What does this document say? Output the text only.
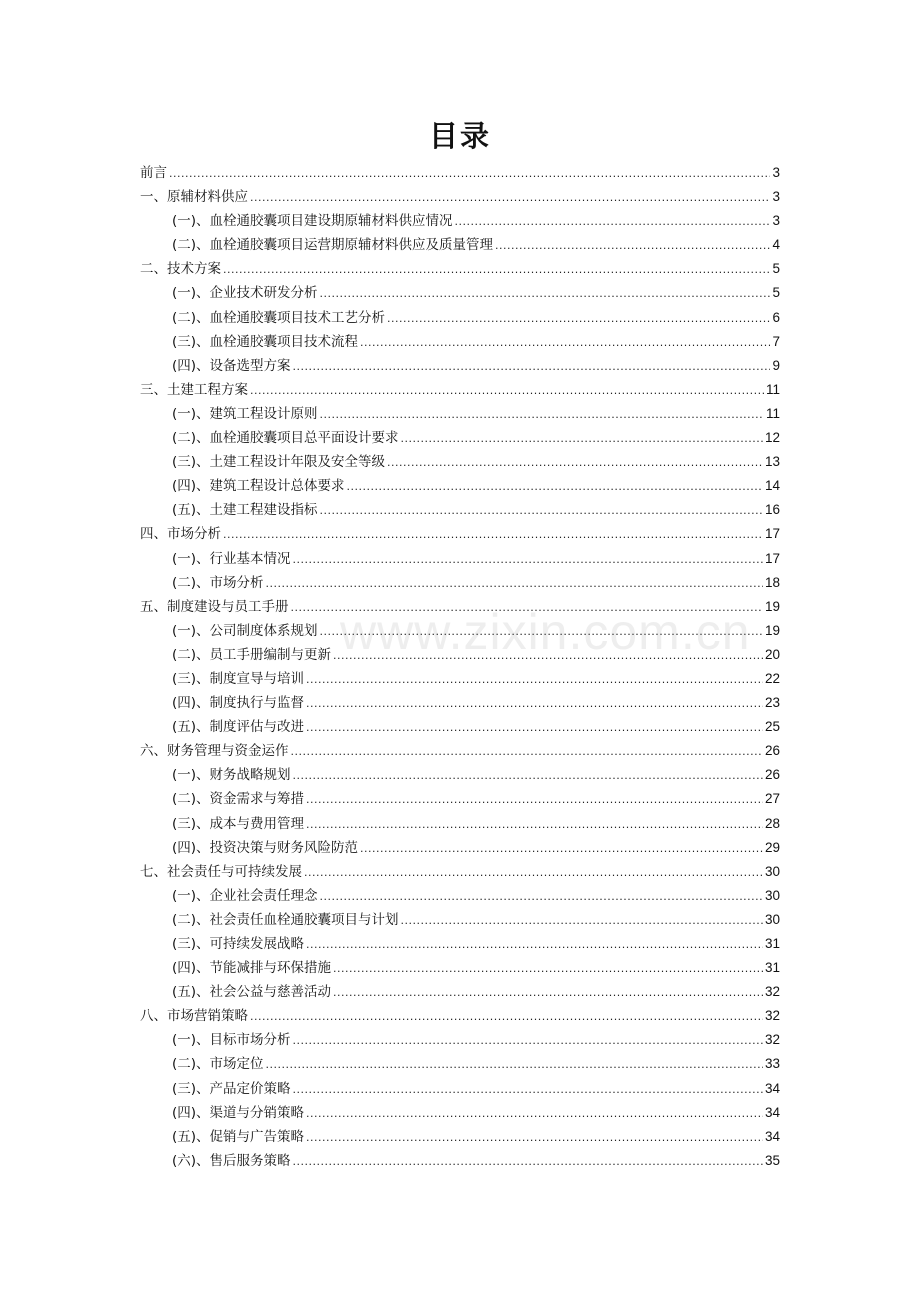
目录
前言 .....	3
一、原辅材料供应 .....	3
(一)、血栓通胶囊项目建设期原辅材料供应情况 .....	3
(二)、血栓通胶囊项目运营期原辅材料供应及质量管理 .....	4
二、技术方案 .....	5
(一)、企业技术研发分析 .....	5
(二)、血栓通胶囊项目技术工艺分析 .....	6
(三)、血栓通胶囊项目技术流程 .....	7
(四)、设备选型方案 .....	9
三、土建工程方案 .....	11
(一)、建筑工程设计原则 .....	11
(二)、血栓通胶囊项目总平面设计要求 .....	12
(三)、土建工程设计年限及安全等级 .....	13
(四)、建筑工程设计总体要求 .....	14
(五)、土建工程建设指标 .....	16
四、市场分析 .....	17
(一)、行业基本情况 .....	17
(二)、市场分析 .....	18
五、制度建设与员工手册 .....	19
(一)、公司制度体系规划 .....	19
(二)、员工手册编制与更新 .....	20
(三)、制度宣导与培训 .....	22
(四)、制度执行与监督 .....	23
(五)、制度评估与改进 .....	25
六、财务管理与资金运作 .....	26
(一)、财务战略规划 .....	26
(二)、资金需求与筹措 .....	27
(三)、成本与费用管理 .....	28
(四)、投资决策与财务风险防范 .....	29
七、社会责任与可持续发展 .....	30
(一)、企业社会责任理念 .....	30
(二)、社会责任血栓通胶囊项目与计划 .....	30
(三)、可持续发展战略 .....	31
(四)、节能减排与环保措施 .....	31
(五)、社会公益与慈善活动 .....	32
八、市场营销策略 .....	32
(一)、目标市场分析 .....	32
(二)、市场定位 .....	33
(三)、产品定价策略 .....	34
(四)、渠道与分销策略 .....	34
(五)、促销与广告策略 .....	34
(六)、售后服务策略 .....	35
www.zixin.com.cn
